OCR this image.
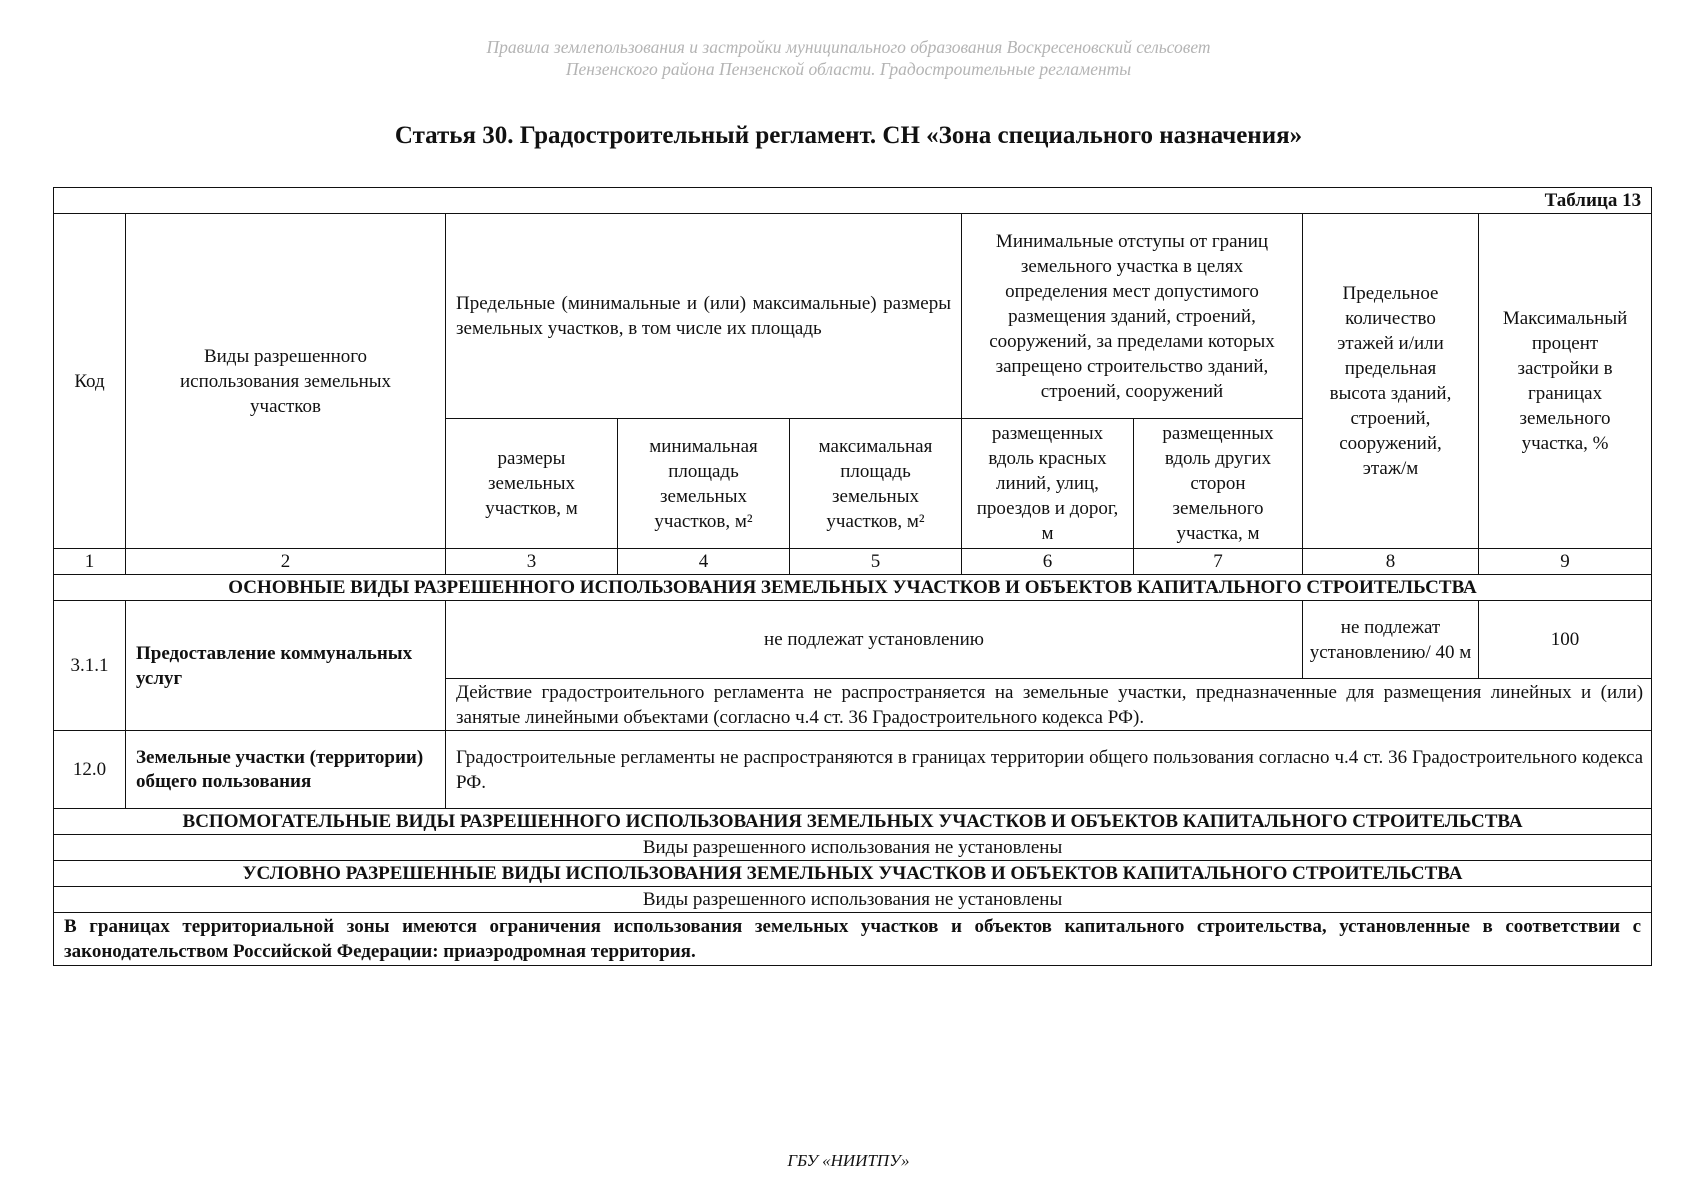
Правила землепользования и застройки муниципального образования Воскресеновский сельсовет
Пензенского района Пензенской области. Градостроительные регламенты
Статья 30. Градостроительный регламент. СН «Зона специального назначения»
Таблица 13								
Код	Виды разрешенного использования земельных участков	Предельные (минимальные и (или) максимальные) размеры земельных участков, в том числе их площадь			Минимальные отступы от границ земельного участка в целях определения мест допустимого размещения зданий, строений, сооружений, за пределами которых запрещено строительство зданий, строений, сооружений		Предельное количество этажей и/или предельная высота зданий, строений, сооружений, этаж/м	Максимальный процент застройки в границах земельного участка, %
		размеры земельных участков, м	минимальная площадь земельных участков, м²	максимальная площадь земельных участков, м²	размещенных вдоль красных линий, улиц, проездов и дорог, м	размещенных вдоль других сторон земельного участка, м		
1	2	3	4	5	6	7	8	9
ОСНОВНЫЕ ВИДЫ РАЗРЕШЕННОГО ИСПОЛЬЗОВАНИЯ ЗЕМЕЛЬНЫХ УЧАСТКОВ И ОБЪЕКТОВ КАПИТАЛЬНОГО СТРОИТЕЛЬСТВА								
3.1.1	Предоставление коммунальных услуг	не подлежат установлению					не подлежат установлению/ 40 м	100
		Действие градостроительного регламента не распространяется на земельные участки, предназначенные для размещения линейных и (или) занятые линейными объектами (согласно ч.4 ст. 36 Градостроительного кодекса РФ).						
12.0	Земельные участки (территории) общего пользования	Градостроительные регламенты не распространяются в границах территории общего пользования согласно ч.4 ст. 36 Градостроительного кодекса РФ.						
ВСПОМОГАТЕЛЬНЫЕ ВИДЫ РАЗРЕШЕННОГО ИСПОЛЬЗОВАНИЯ ЗЕМЕЛЬНЫХ УЧАСТКОВ И ОБЪЕКТОВ КАПИТАЛЬНОГО СТРОИТЕЛЬСТВА								
Виды разрешенного использования не установлены								
УСЛОВНО РАЗРЕШЕННЫЕ ВИДЫ ИСПОЛЬЗОВАНИЯ ЗЕМЕЛЬНЫХ УЧАСТКОВ И ОБЪЕКТОВ КАПИТАЛЬНОГО СТРОИТЕЛЬСТВА								
Виды разрешенного использования не установлены								
В границах территориальной зоны имеются ограничения использования земельных участков и объектов капитального строительства, установленные в соответствии с законодательством Российской Федерации: приаэродромная территория.								
ГБУ «НИИТПУ»
